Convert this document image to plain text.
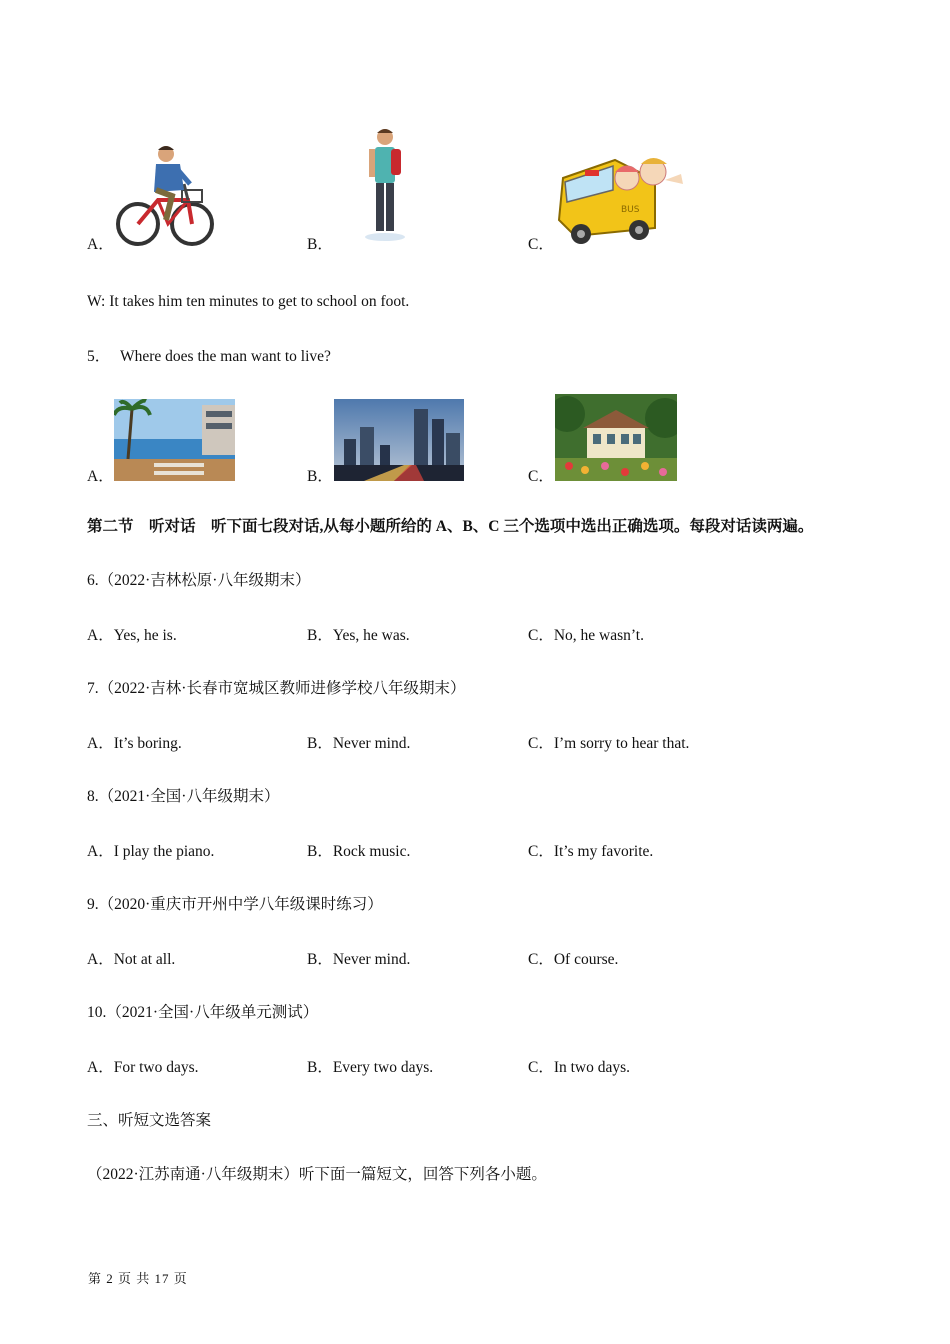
A．	B．	C．
BUS
W: It takes him ten minutes to get to school on foot.
5． Where does the man want to live?
A．	B．	C．
第二节　听对话　听下面七段对话,从每小题所给的 A、B、C 三个选项中选出正确选项。每段对话读两遍。
6.（2022·吉林松原·八年级期末）
A．Yes, he is.	B．Yes, he was.	C．No, he wasn’t.
7.（2022·吉林·长春市宽城区教师进修学校八年级期末）
A．It’s boring.	B．Never mind.	C．I’m sorry to hear that.
8.（2021·全国·八年级期末）
A．I play the piano.	B．Rock music.	C．It’s my favorite.
9.（2020·重庆市开州中学八年级课时练习）
A．Not at all.	B．Never mind.	C．Of course.
10.（2021·全国·八年级单元测试）
A．For two days.	B．Every two days.	C．In two days.
三、听短文选答案
（2022·江苏南通·八年级期末）听下面一篇短文，回答下列各小题。
第 2 页 共 17 页
